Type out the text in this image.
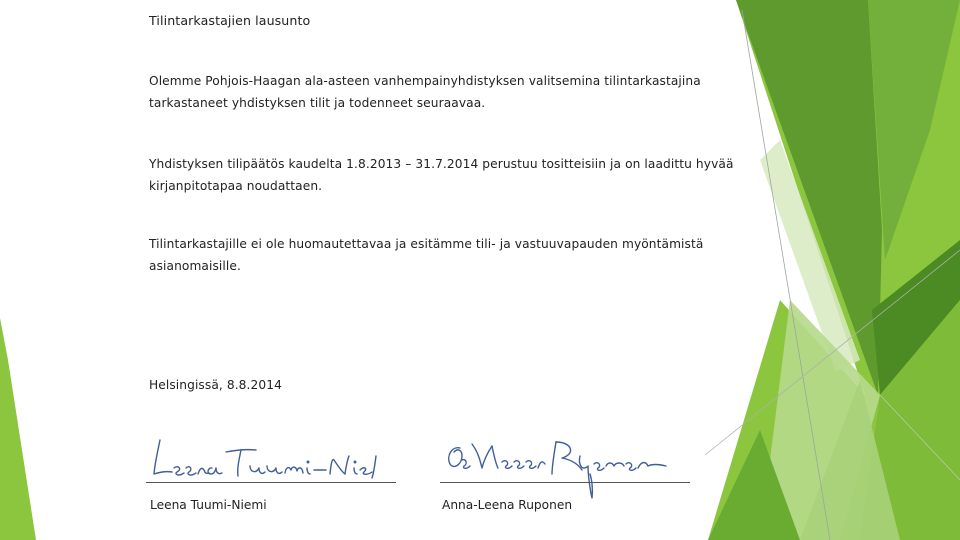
Tilintarkastajien lausunto

Olemme Pohjois-Haagan ala-asteen vanhempainyhdistyksen valitsemina tilintarkastajina
tarkastaneet yhdistyksen tilit ja todenneet seuraavaa.
Yhdistyksen tilipäätös kaudelta 1.8.2013 – 31.7.2014 perustuu tositteisiin ja on laadittu hyvää
kirjanpitotapaa noudattaen.
Tilintarkastajille ei ole huomautettavaa ja esitämme tili- ja vastuuvapauden myöntämistä
asianomaisille.

Helsingissä, 8.8.2014

Leena Tuumi-Niemi	Anna-Leena Ruponen
